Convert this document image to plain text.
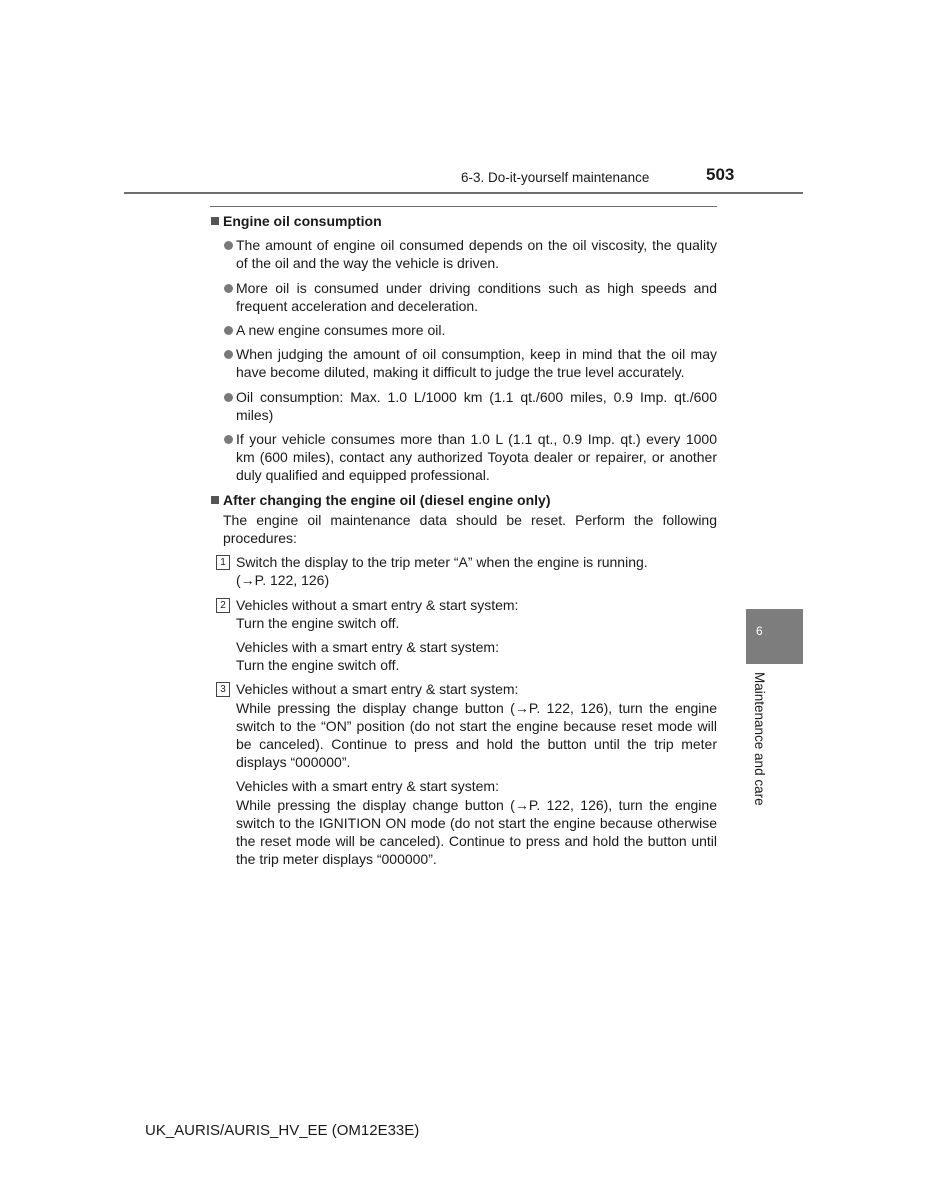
6-3. Do-it-yourself maintenance	503
Engine oil consumption
The amount of engine oil consumed depends on the oil viscosity, the quality of the oil and the way the vehicle is driven.
More oil is consumed under driving conditions such as high speeds and frequent acceleration and deceleration.
A new engine consumes more oil.
When judging the amount of oil consumption, keep in mind that the oil may have become diluted, making it difficult to judge the true level accurately.
Oil consumption: Max. 1.0 L/1000 km (1.1 qt./600 miles, 0.9 Imp. qt./600 miles)
If your vehicle consumes more than 1.0 L (1.1 qt., 0.9 Imp. qt.) every 1000 km (600 miles), contact any authorized Toyota dealer or repairer, or another duly qualified and equipped professional.
After changing the engine oil (diesel engine only)
The engine oil maintenance data should be reset. Perform the following procedures:
1 Switch the display to the trip meter “A” when the engine is running.
(→P. 122, 126)
2 Vehicles without a smart entry & start system:
Turn the engine switch off.
Vehicles with a smart entry & start system:
Turn the engine switch off.
3 Vehicles without a smart entry & start system:
While pressing the display change button (→P. 122, 126), turn the engine switch to the “ON” position (do not start the engine because reset mode will be canceled). Continue to press and hold the button until the trip meter displays “000000”.
Vehicles with a smart entry & start system:
While pressing the display change button (→P. 122, 126), turn the engine switch to the IGNITION ON mode (do not start the engine because otherwise the reset mode will be canceled). Continue to press and hold the button until the trip meter displays “000000”.
6
Maintenance and care
UK_AURIS/AURIS_HV_EE (OM12E33E)
